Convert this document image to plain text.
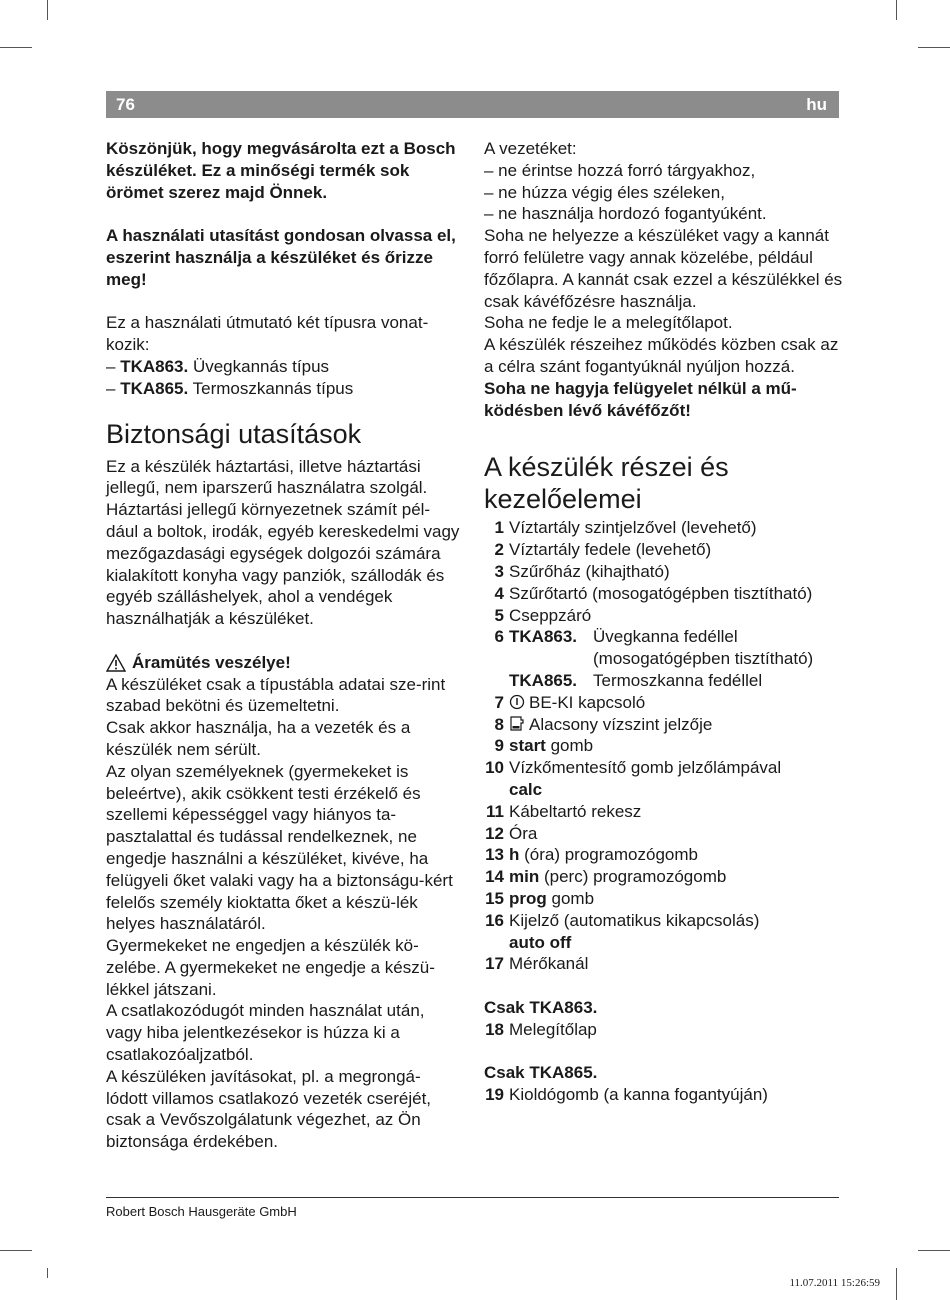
76	hu

Köszönjük, hogy megvásárolta ezt a Bosch készüléket. Ez a minőségi termék sok örömet szerez majd Önnek.

A használati utasítást gondosan olvassa el, eszerint használja a készüléket és őrizze meg!

Ez a használati útmutató két típusra vonat-kozik:

– TKA863. Üvegkannás típus

– TKA865. Termoszkannás típus

Biztonsági utasítások

Ez a készülék háztartási, illetve háztartási jellegű, nem iparszerű használatra szolgál. Háztartási jellegű környezetnek számít pél-dául a boltok, irodák, egyéb kereskedelmi vagy mezőgazdasági egységek dolgozói számára kialakított konyha vagy panziók, szállodák és egyéb szálláshelyek, ahol a vendégek használhatják a készüléket.

Áramütés veszélye!

A készüléket csak a típustábla adatai sze-rint szabad bekötni és üzemeltetni.

Csak akkor használja, ha a vezeték és a készülék nem sérült.

Az olyan személyeknek (gyermekeket is beleértve), akik csökkent testi érzékelő és szellemi képességgel vagy hiányos ta-pasztalattal és tudással rendelkeznek, ne engedje használni a készüléket, kivéve, ha felügyeli őket valaki vagy ha a biztonságu-kért felelős személy kioktatta őket a készü-lék helyes használatáról.

Gyermekeket ne engedjen a készülék kö-zelébe. A gyermekeket ne engedje a készü-lékkel játszani.

A csatlakozódugót minden használat után, vagy hiba jelentkezésekor is húzza ki a csatlakozóaljzatból.

A készüléken javításokat, pl. a megrongá-lódott villamos csatlakozó vezeték cseréjét, csak a Vevőszolgálatunk végezhet, az Ön biztonsága érdekében.

A vezetéket:

– ne érintse hozzá forró tárgyakhoz,

– ne húzza végig éles széleken,

– ne használja hordozó fogantyúként.

Soha ne helyezze a készüléket vagy a kannát forró felületre vagy annak közelébe, például főzőlapra. A kannát csak ezzel a készülékkel és csak kávéfőzésre használja.

Soha ne fedje le a melegítőlapot.

A készülék részeihez működés közben csak az a célra szánt fogantyúknál nyúljon hozzá.

Soha ne hagyja felügyelet nélkül a mű-ködésben lévő kávéfőzőt!

A készülék részei és kezelőelemei
1 Víztartály szintjelzővel (levehető)
2 Víztartály fedele (levehető)
3 Szűrőház (kihajtható)
4 Szűrőtartó (mosogatógépben tisztítható)
5 Cseppzáró
6 TKA863. Üvegkanna fedéllel
(mosogatógépben tisztítható)
TKA865. Termoszkanna fedéllel
7	BE-KI kapcsoló
8	Alacsony vízszint jelzője
9 start gomb
10 Vízkőmentesítő gomb jelzőlámpával
calc
11 Kábeltartó rekesz
12 Óra
13 h (óra) programozógomb
14 min (perc) programozógomb
15 prog gomb
16 Kijelző (automatikus kikapcsolás)
auto off
17 Mérőkanál

Csak TKA863.

18 Melegítőlap

Csak TKA865.

19 Kioldógomb (a kanna fogantyúján)
Robert Bosch Hausgeräte GmbH
11.07.2011 15:26:59
